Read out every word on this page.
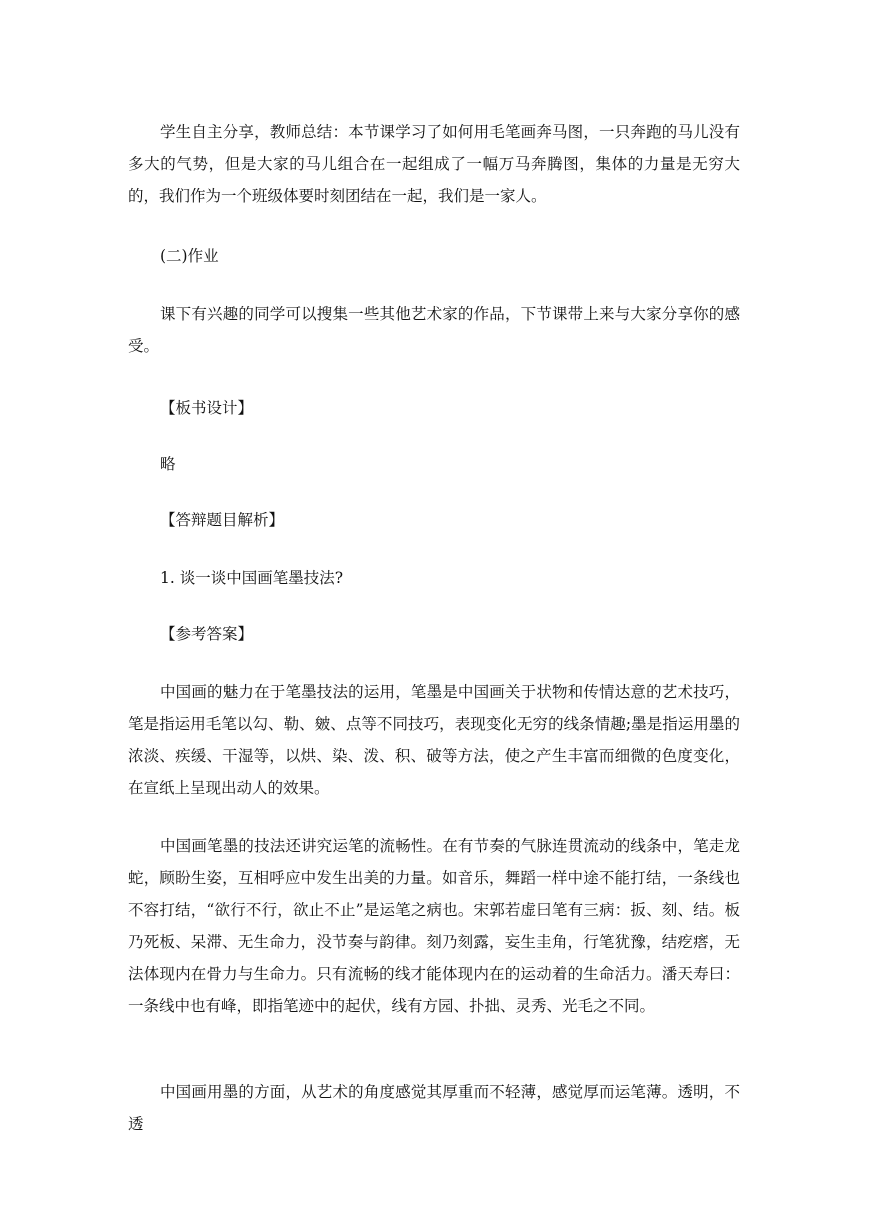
学生自主分享，教师总结：本节课学习了如何用毛笔画奔马图，一只奔跑的马儿没有多大的气势，但是大家的马儿组合在一起组成了一幅万马奔腾图，集体的力量是无穷大的，我们作为一个班级体要时刻团结在一起，我们是一家人。

(二)作业

课下有兴趣的同学可以搜集一些其他艺术家的作品，下节课带上来与大家分享你的感受。

【板书设计】

略

【答辩题目解析】

1. 谈一谈中国画笔墨技法?

【参考答案】

中国画的魅力在于笔墨技法的运用，笔墨是中国画关于状物和传情达意的艺术技巧，笔是指运用毛笔以勾、勒、皴、点等不同技巧，表现变化无穷的线条情趣;墨是指运用墨的浓淡、疾缓、干湿等，以烘、染、泼、积、破等方法，使之产生丰富而细微的色度变化，在宣纸上呈现出动人的效果。

中国画笔墨的技法还讲究运笔的流畅性。在有节奏的气脉连贯流动的线条中，笔走龙蛇，顾盼生姿，互相呼应中发生出美的力量。如音乐，舞蹈一样中途不能打结，一条线也不容打结，“欲行不行，欲止不止”是运笔之病也。宋郭若虚曰笔有三病：扳、刻、结。板乃死板、呆滞、无生命力，没节奏与韵律。刻乃刻露，妄生圭角，行笔犹豫，结疙瘩，无法体现内在骨力与生命力。只有流畅的线才能体现内在的运动着的生命活力。潘天寿曰：一条线中也有峰，即指笔迹中的起伏，线有方园、扑拙、灵秀、光毛之不同。

中国画用墨的方面，从艺术的角度感觉其厚重而不轻薄，感觉厚而运笔薄。透明，不透
